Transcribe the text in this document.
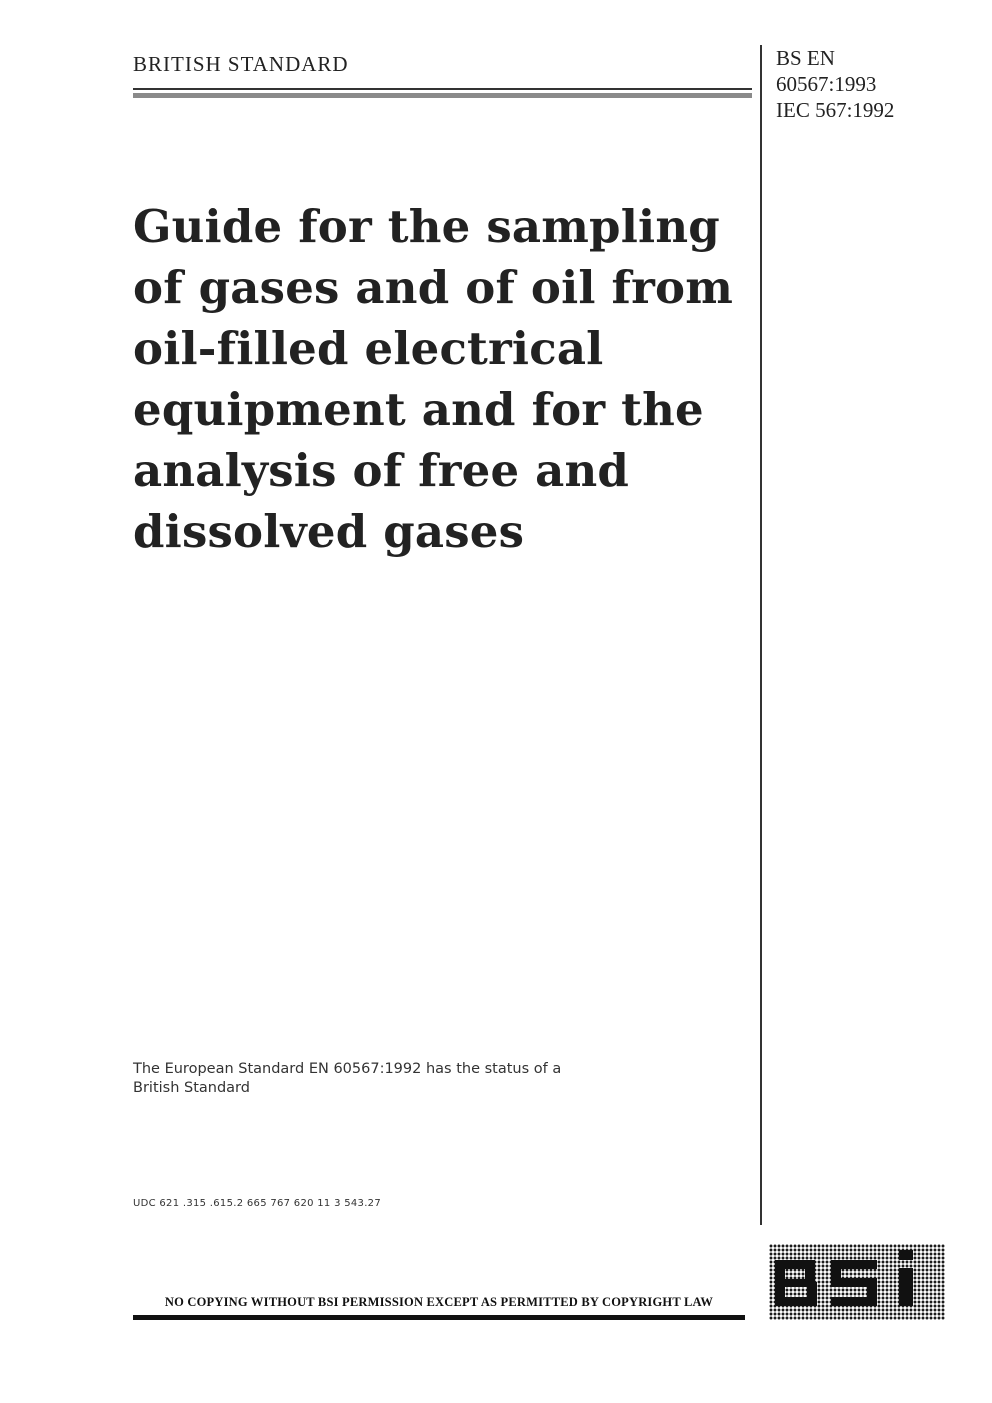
BRITISH STANDARD	BS EN
60567:1993
IEC 567:1992
Guide for the sampling
of gases and of oil from
oil-filled electrical
equipment and for the
analysis of free and
dissolved gases
The European Standard EN 60567:1992 has the status of a
British Standard
UDC 621 .315 .615.2 665 767 620 11 3 543.27
NO COPYING WITHOUT BSI PERMISSION EXCEPT AS PERMITTED BY COPYRIGHT LAW
